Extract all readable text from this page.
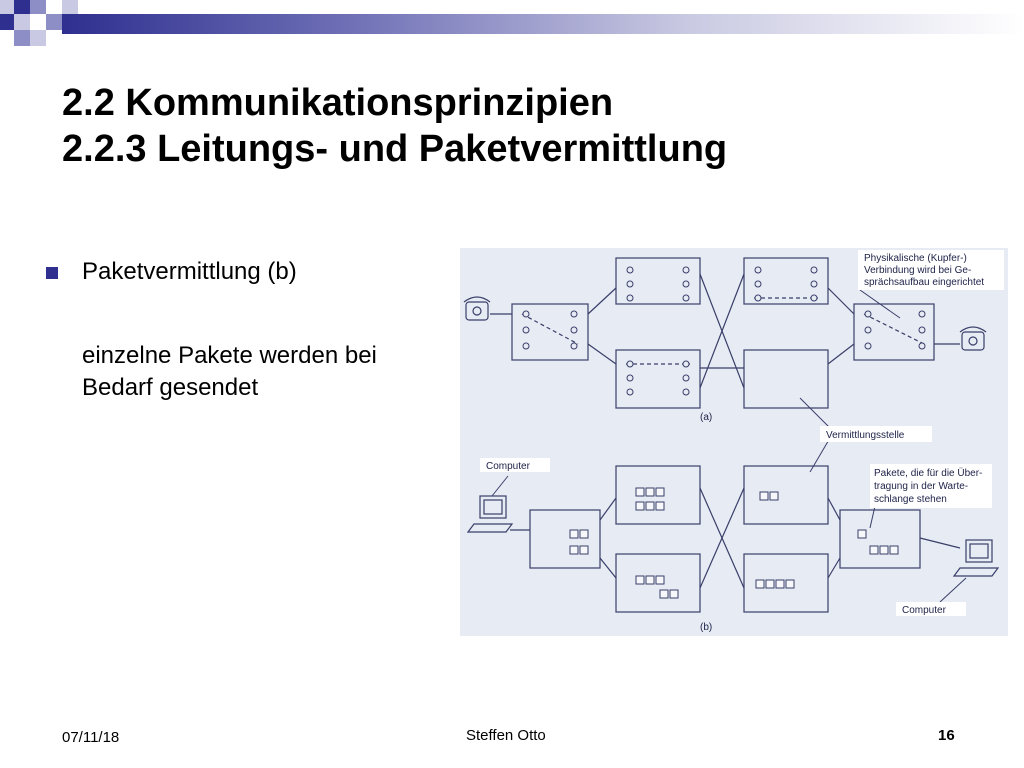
2.2 Kommunikationsprinzipien
2.2.3 Leitungs- und Paketvermittlung
Paketvermittlung (b)
einzelne Pakete werden bei Bedarf gesendet
(a)
(b)
Physikalische (Kupfer-)
Verbindung wird bei Ge-
sprächsaufbau eingerichtet
Vermittlungsstelle
Computer
Pakete, die für die Über-
tragung in der Warte-
schlange stehen
Computer
07/11/18	Steffen Otto	16
